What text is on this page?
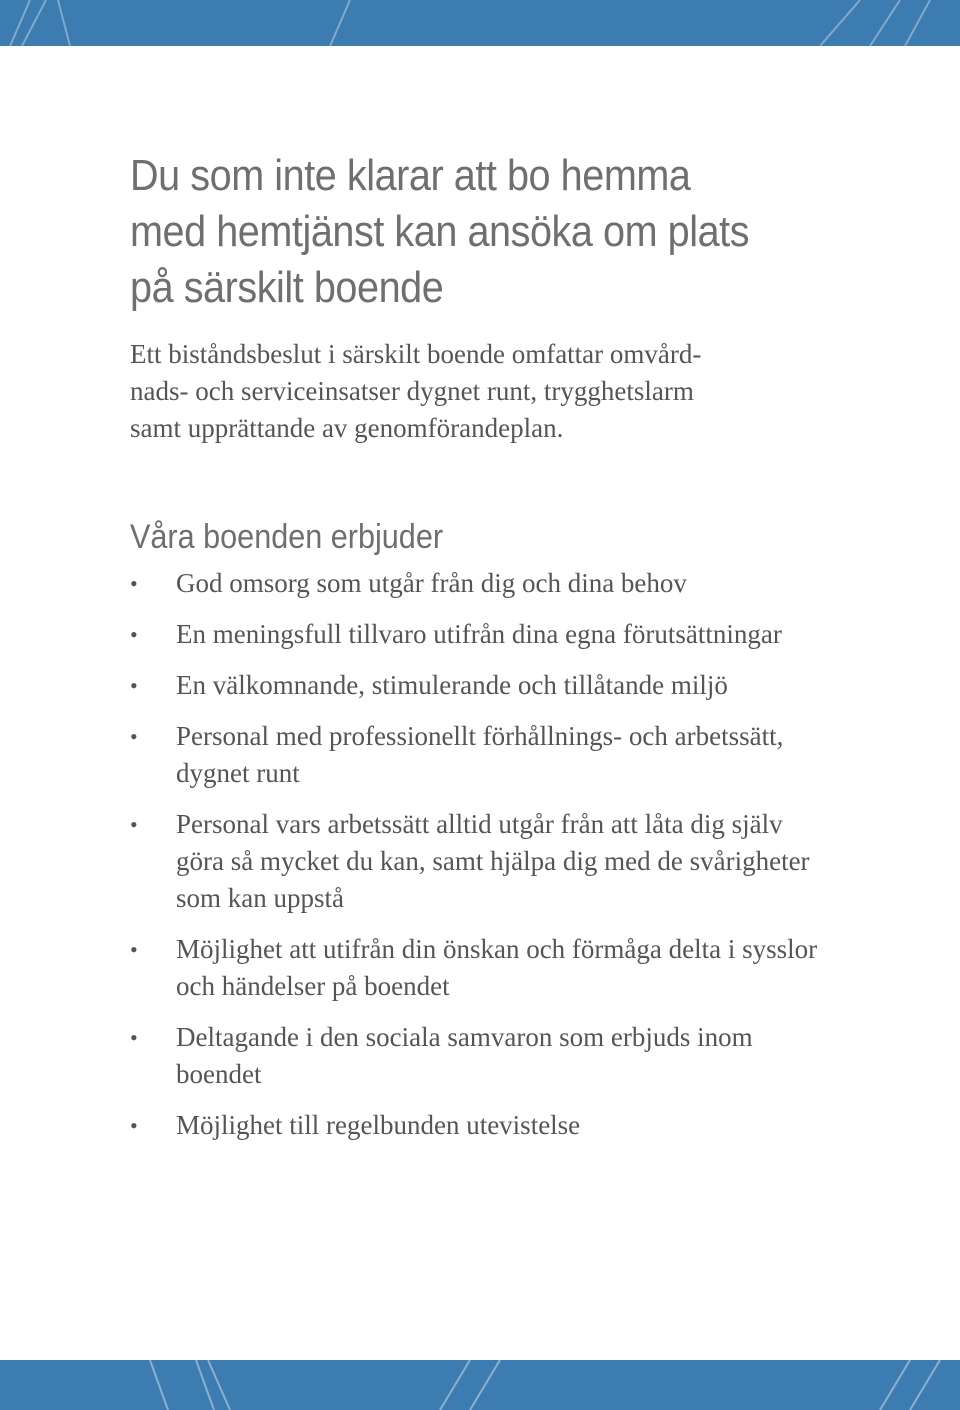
Du som inte klarar att bo hemma
med hemtjänst kan ansöka om plats
på särskilt boende

Ett biståndsbeslut i särskilt boende omfattar omvård-
nads- och serviceinsatser dygnet runt, trygghetslarm
samt upprättande av genomförandeplan.

Våra boenden erbjuder
• God omsorg som utgår från dig och dina behov
• En meningsfull tillvaro utifrån dina egna förutsättningar
• En välkomnande, stimulerande och tillåtande miljö
• Personal med professionellt förhållnings- och arbetssätt, dygnet runt
• Personal vars arbetssätt alltid utgår från att låta dig själv göra så mycket du kan, samt hjälpa dig med de svårigheter som kan uppstå
• Möjlighet att utifrån din önskan och förmåga delta i sysslor och händelser på boendet
• Deltagande i den sociala samvaron som erbjuds inom boendet
• Möjlighet till regelbunden utevistelse
